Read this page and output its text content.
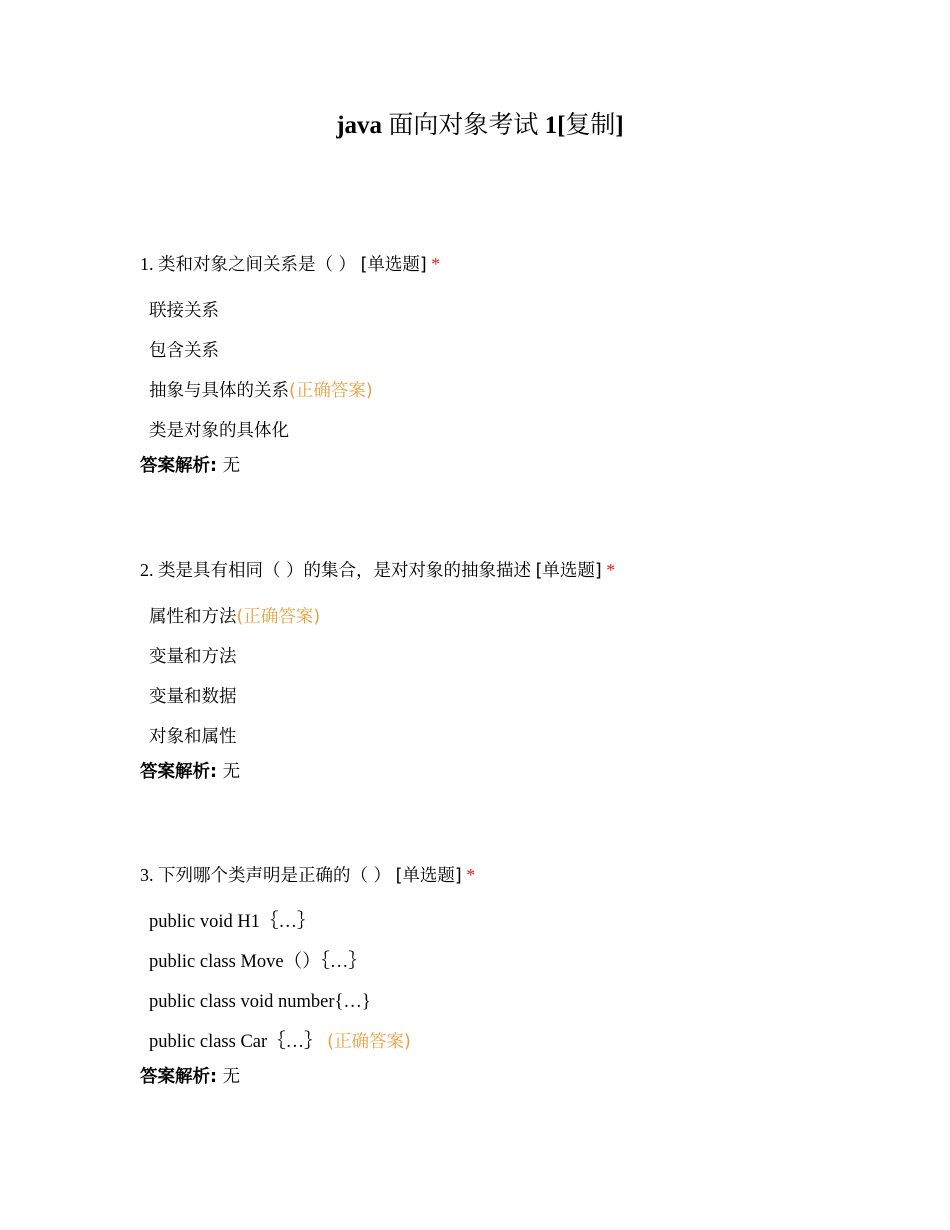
java 面向对象考试 1[复制]
1. 类和对象之间关系是（ ） [单选题] *
联接关系
包含关系
抽象与具体的关系(正确答案)
类是对象的具体化
答案解析: 无
2. 类是具有相同（ ）的集合，是对对象的抽象描述 [单选题] *
属性和方法(正确答案)
变量和方法
变量和数据
对象和属性
答案解析: 无
3. 下列哪个类声明是正确的（ ） [单选题] *
public void H1｛…｝
public class Move（）｛…｝
public class void number{…}
public class Car｛…｝ (正确答案)
答案解析: 无
